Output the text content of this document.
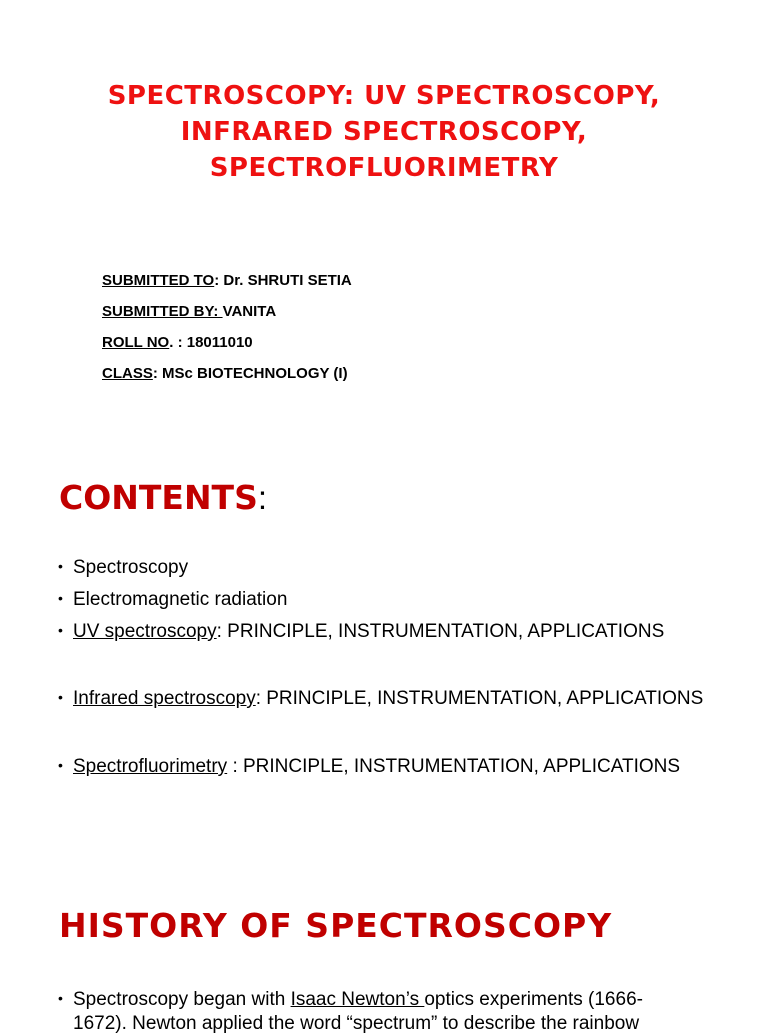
SPECTROSCOPY: UV SPECTROSCOPY, INFRARED SPECTROSCOPY, SPECTROFLUORIMETRY
SUBMITTED TO: Dr. SHRUTI SETIA
SUBMITTED BY: VANITA
ROLL NO. : 18011010
CLASS: MSc BIOTECHNOLOGY (I)
CONTENTS:
• Spectroscopy
• Electromagnetic radiation
• UV spectroscopy: PRINCIPLE, INSTRUMENTATION, APPLICATIONS
• Infrared spectroscopy: PRINCIPLE, INSTRUMENTATION, APPLICATIONS
• Spectrofluorimetry : PRINCIPLE, INSTRUMENTATION, APPLICATIONS
HISTORY OF SPECTROSCOPY
• Spectroscopy began with Isaac Newton’s optics experiments (1666-
1672). Newton applied the word “spectrum” to describe the rainbow
